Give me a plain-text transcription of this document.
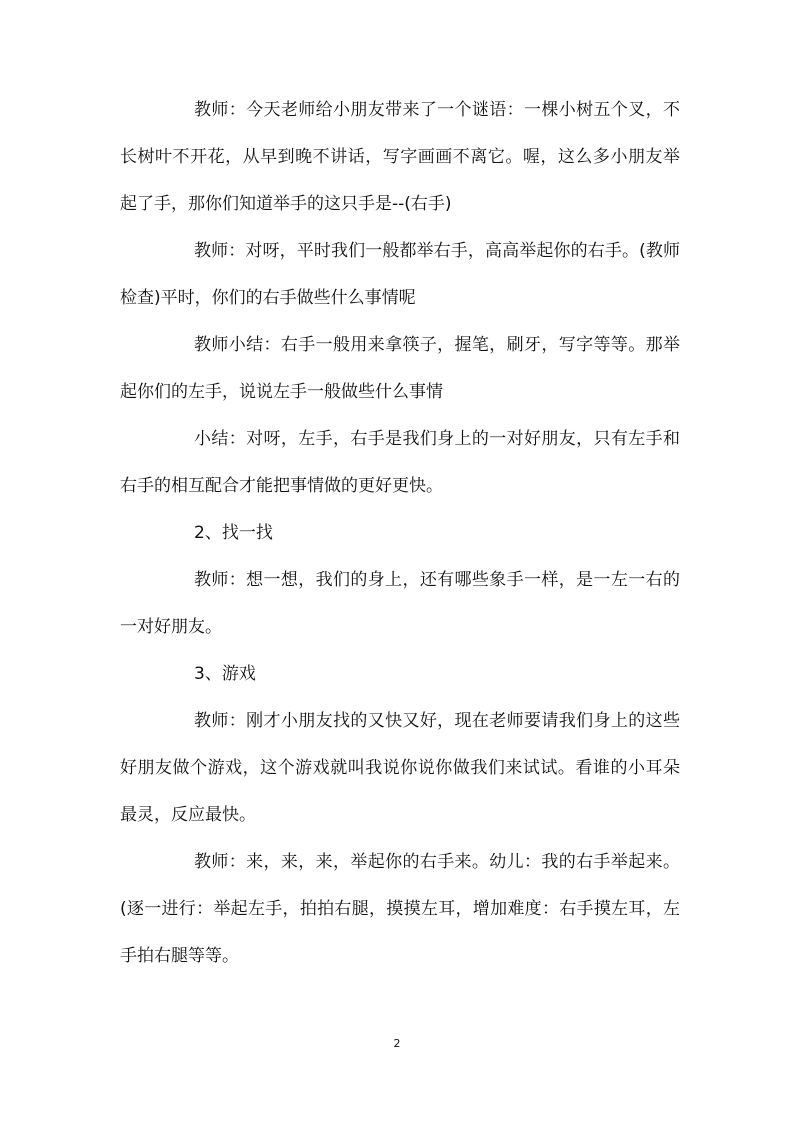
教师：今天老师给小朋友带来了一个谜语：一棵小树五个叉，不长树叶不开花，从早到晚不讲话，写字画画不离它。喔，这么多小朋友举起了手，那你们知道举手的这只手是--(右手)

教师：对呀，平时我们一般都举右手，高高举起你的右手。(教师检查)平时，你们的右手做些什么事情呢

教师小结：右手一般用来拿筷子，握笔，刷牙，写字等等。那举起你们的左手，说说左手一般做些什么事情

小结：对呀，左手，右手是我们身上的一对好朋友，只有左手和右手的相互配合才能把事情做的更好更快。

2、找一找

教师：想一想，我们的身上，还有哪些象手一样，是一左一右的一对好朋友。

3、游戏

教师：刚才小朋友找的又快又好，现在老师要请我们身上的这些好朋友做个游戏，这个游戏就叫我说你说你做我们来试试。看谁的小耳朵最灵，反应最快。

教师：来，来，来，举起你的右手来。幼儿：我的右手举起来。(逐一进行：举起左手，拍拍右腿，摸摸左耳，增加难度：右手摸左耳，左手拍右腿等等。

2
